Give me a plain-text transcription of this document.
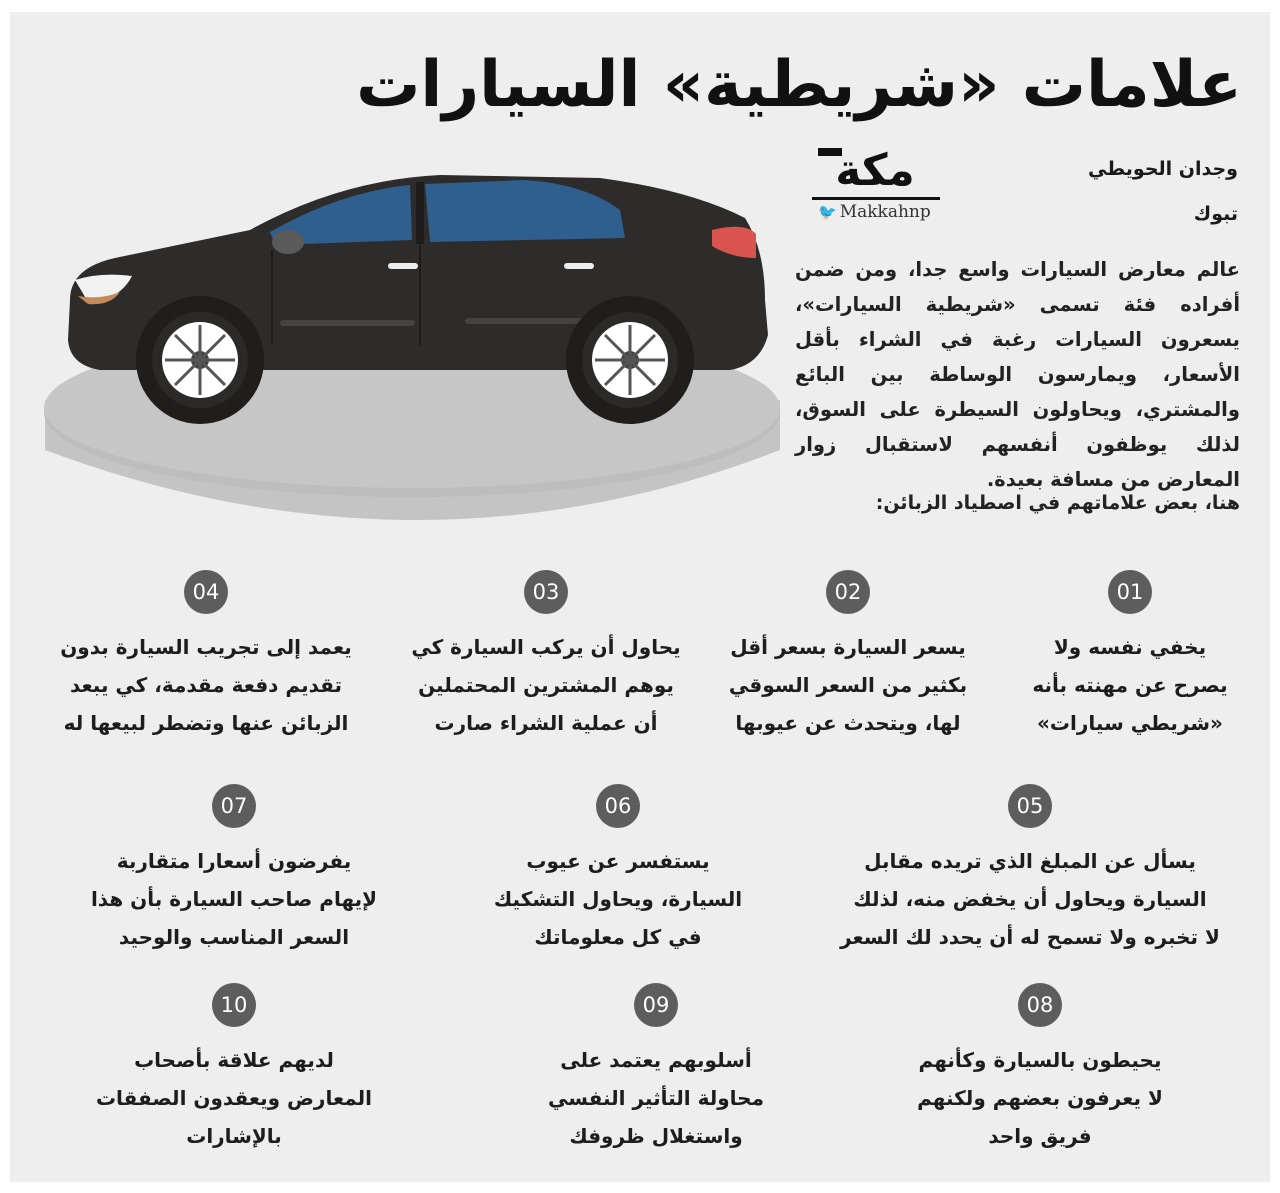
علامات «شريطية» السيارات
مكة
🐦 Makkahnp
وجدان الحويطي
تبوك
عالم معارض السيارات واسع جدا، ومن ضمن أفراده فئة تسمى «شريطية السيارات»، يسعرون السيارات رغبة في الشراء بأقل الأسعار، ويمارسون الوساطة بين البائع والمشتري، ويحاولون السيطرة على السوق، لذلك يوظفون أنفسهم لاستقبال زوار المعارض من مسافة بعيدة.
هنا، بعض علاماتهم في اصطياد الزبائن:
01
يخفي نفسه ولا
يصرح عن مهنته بأنه
«شريطي سيارات»
02
يسعر السيارة بسعر أقل
بكثير من السعر السوقي
لها، ويتحدث عن عيوبها
03
يحاول أن يركب السيارة كي
يوهم المشترين المحتملين
أن عملية الشراء صارت
04
يعمد إلى تجريب السيارة بدون
تقديم دفعة مقدمة، كي يبعد
الزبائن عنها وتضطر لبيعها له
05
يسأل عن المبلغ الذي تريده مقابل
السيارة ويحاول أن يخفض منه، لذلك
لا تخبره ولا تسمح له أن يحدد لك السعر
06
يستفسر عن عيوب
السيارة، ويحاول التشكيك
في كل معلوماتك
07
يفرضون أسعارا متقاربة
لإيهام صاحب السيارة بأن هذا
السعر المناسب والوحيد
08
يحيطون بالسيارة وكأنهم
لا يعرفون بعضهم ولكنهم
فريق واحد
09
أسلوبهم يعتمد على
محاولة التأثير النفسي
واستغلال ظروفك
10
لديهم علاقة بأصحاب
المعارض ويعقدون الصفقات
بالإشارات
